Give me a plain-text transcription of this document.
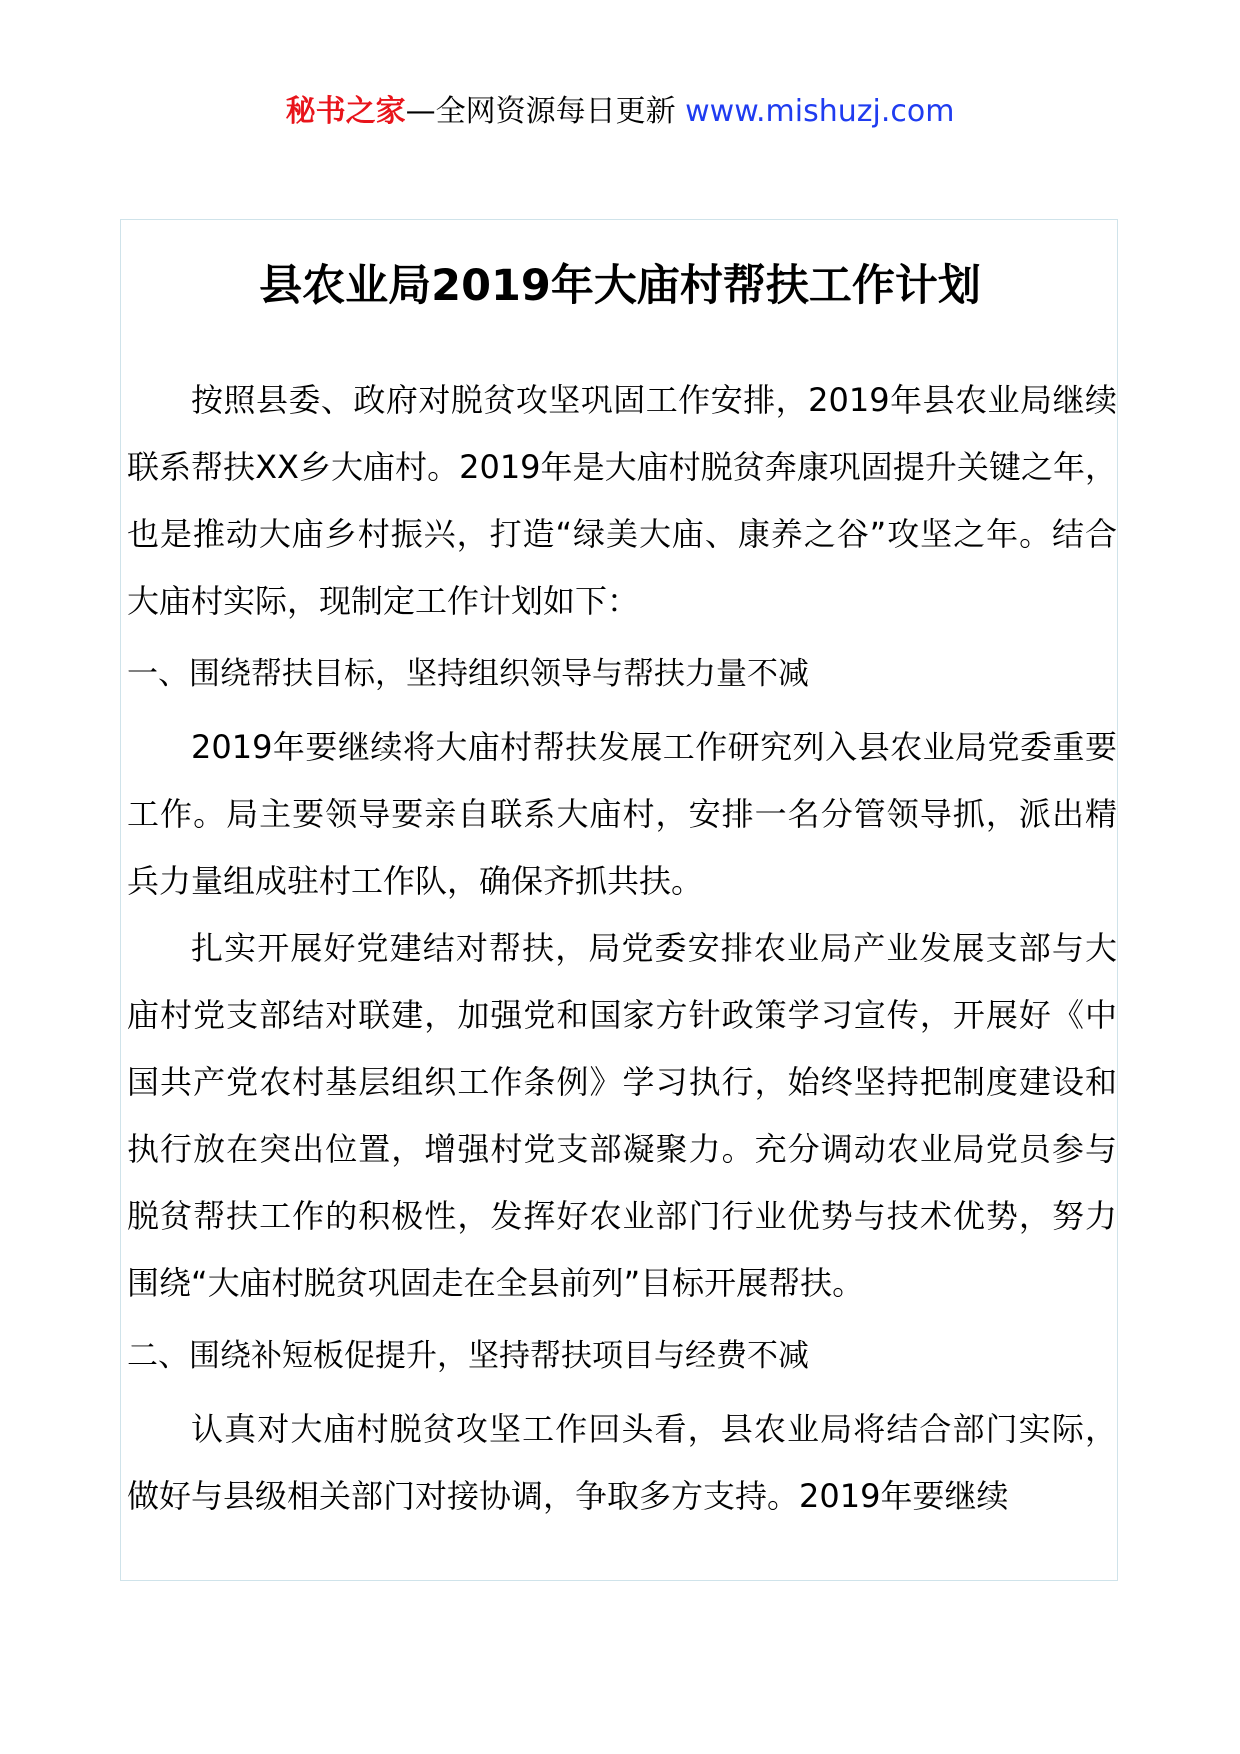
秘书之家—全网资源每日更新 www.mishuzj.com
县农业局2019年大庙村帮扶工作计划

按照县委、政府对脱贫攻坚巩固工作安排，2019年县农业局继续联系帮扶XX乡大庙村。2019年是大庙村脱贫奔康巩固提升关键之年，也是推动大庙乡村振兴，打造“绿美大庙、康养之谷”攻坚之年。结合大庙村实际，现制定工作计划如下：

一、围绕帮扶目标，坚持组织领导与帮扶力量不减

2019年要继续将大庙村帮扶发展工作研究列入县农业局党委重要工作。局主要领导要亲自联系大庙村，安排一名分管领导抓，派出精兵力量组成驻村工作队，确保齐抓共扶。

扎实开展好党建结对帮扶，局党委安排农业局产业发展支部与大庙村党支部结对联建，加强党和国家方针政策学习宣传，开展好《中国共产党农村基层组织工作条例》学习执行，始终坚持把制度建设和执行放在突出位置，增强村党支部凝聚力。充分调动农业局党员参与脱贫帮扶工作的积极性，发挥好农业部门行业优势与技术优势，努力围绕“大庙村脱贫巩固走在全县前列”目标开展帮扶。

二、围绕补短板促提升，坚持帮扶项目与经费不减

认真对大庙村脱贫攻坚工作回头看，县农业局将结合部门实际，做好与县级相关部门对接协调，争取多方支持。2019年要继续
